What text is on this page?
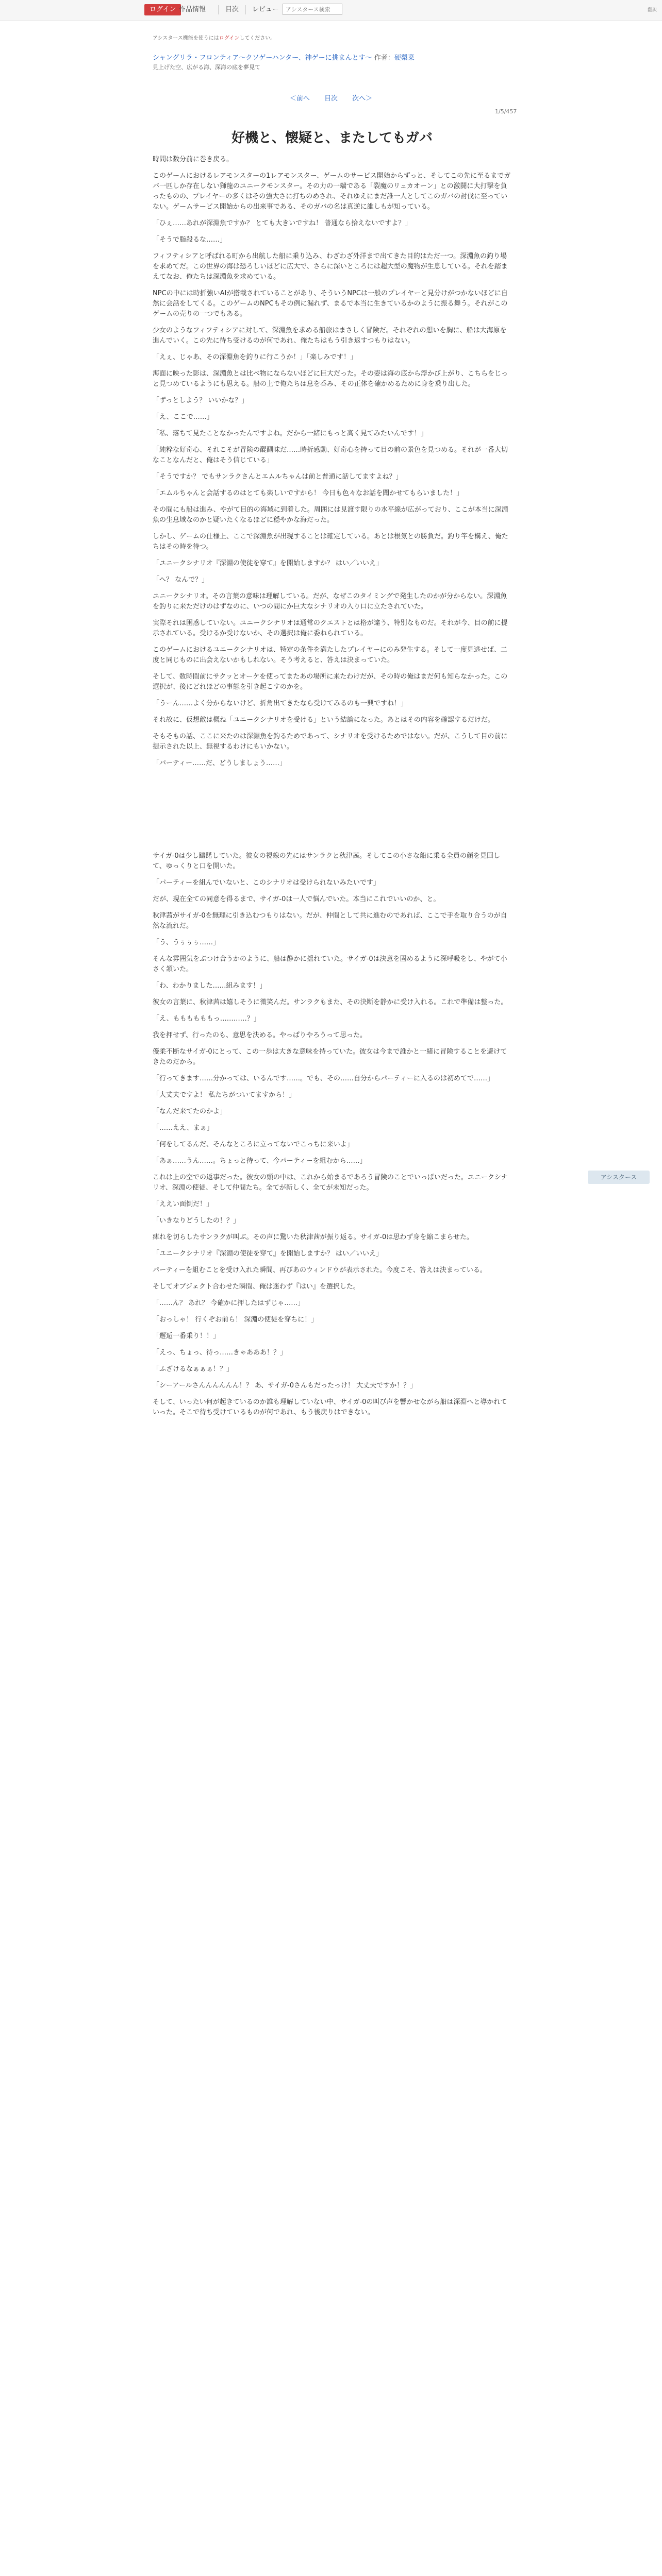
ログイン 作品情報	目次 レビュー
アシスタース検索	翻訳
アシスタース機能を使うにはログインしてください。
シャングリラ・フロンティア〜クソゲーハンター、神ゲーに挑まんとす〜 作者：硬梨菜
見上げた空、広がる海、深海の底を夢見て
＜前へ 目次 次へ＞
1/5/457
好機と、懐疑と、またしてもガバ

時間は数分前に巻き戻る。

このゲームにおけるレアモンスターの1レアモンスター、ゲームのサービス開始からずっと、そしてこの先に至るまでガバ一匹しか存在しない獅龍のユニークモンスター。その力の一端である「裂魔のリュカオーン」との激闘に大打撃を負ったものの、プレイヤーの多くはその強大さに打ちのめされ、それゆえにまだ誰一人としてこのガバの討伐に至っていない。ゲームサービス開始からの出来事である、そのガバの名は真逆に誰しもが知っている。

「ひぇ……あれが深淵魚ですか？ とても大きいですね！ 普通なら拾えないですよ？」

「そうで脂殺るな……」

フィフティシアと呼ばれる町から出航した船に乗り込み、わざわざ外洋まで出てきた目的はただ一つ。深淵魚の釣り場を求めてだ。この世界の海は恐ろしいほどに広大で、さらに深いところには超大型の魔物が生息している。それを踏まえてなお、俺たちは深淵魚を求めている。

NPCの中には時折強いAIが搭載されていることがあり、そういうNPCは一般のプレイヤーと見分けがつかないほどに自然に会話をしてくる。このゲームのNPCもその例に漏れず、まるで本当に生きているかのように振る舞う。それがこのゲームの売りの一つでもある。

少女のようなフィフティシアに対して、深淵魚を求める船旅はまさしく冒険だ。それぞれの想いを胸に、船は大海原を進んでいく。この先に待ち受けるのが何であれ、俺たちはもう引き返すつもりはない。

「えぇ、じゃあ、その深淵魚を釣りに行こうか！」「楽しみです！」

海面に映った影は、深淵魚とは比べ物にならないほどに巨大だった。その姿は海の底から浮かび上がり、こちらをじっと見つめているようにも思える。船の上で俺たちは息を呑み、その正体を確かめるために身を乗り出した。

「ずっとしよう？ いいかな？」

「え、ここで……」

「私、落ちて見たことなかったんですよね。だから一緒にもっと高く見てみたいんです！」

「純粋な好奇心、それこそが冒険の醍醐味だ……時折感動、好奇心を持って目の前の景色を見つめる。それが一番大切なことなんだと、俺はそう信じている」

「そうですか？ でもサンラクさんとエムルちゃんは前と普通に話してますよね？」

「エムルちゃんと会話するのはとても楽しいですから！ 今日も色々なお話を聞かせてもらいました！」

その間にも船は進み、やがて目的の海域に到着した。周囲には見渡す限りの水平線が広がっており、ここが本当に深淵魚の生息域なのかと疑いたくなるほどに穏やかな海だった。

しかし、ゲームの仕様上、ここで深淵魚が出現することは確定している。あとは根気との勝負だ。釣り竿を構え、俺たちはその時を待つ。

「ユニークシナリオ『深淵の使徒を穿て』を開始しますか？ はい／いいえ」

「へ？ なんで？」

ユニークシナリオ。その言葉の意味は理解している。だが、なぜこのタイミングで発生したのかが分からない。深淵魚を釣りに来ただけのはずなのに、いつの間にか巨大なシナリオの入り口に立たされていた。

実際それは困惑していない。ユニークシナリオは通常のクエストとは格が違う、特別なものだ。それが今、目の前に提示されている。受けるか受けないか、その選択は俺に委ねられている。

このゲームにおけるユニークシナリオは、特定の条件を満たしたプレイヤーにのみ発生する。そして一度見逃せば、二度と同じものに出会えないかもしれない。そう考えると、答えは決まっていた。

そして、数時間前にサクッとオーケを使ってまたあの場所に来たわけだが、その時の俺はまだ何も知らなかった。この選択が、後にどれほどの事態を引き起こすのかを。

「うーん……よく分からないけど、折角出てきたなら受けてみるのも一興ですね！」

それ故に、仮想敵は概ね「ユニークシナリオを受ける」という結論になった。あとはその内容を確認するだけだ。

そもそもの話、ここに来たのは深淵魚を釣るためであって、シナリオを受けるためではない。だが、こうして目の前に提示された以上、無視するわけにもいかない。

「パーティー……だ、どうしましょう……」

サイガ-0は少し躊躇していた。彼女の視線の先にはサンラクと秋津茜。そしてこの小さな船に乗る全員の顔を見回して、ゆっくりと口を開いた。

「パーティーを組んでいないと、このシナリオは受けられないみたいです」

だが、現在全ての同意を得るまで、サイガ-0は一人で悩んでいた。本当にこれでいいのか、と。

秋津茜がサイガ-0を無理に引き込むつもりはない。だが、仲間として共に進むのであれば、ここで手を取り合うのが自然な流れだ。

「う、うぅぅぅ……」

そんな雰囲気をぶつけ合うかのように、船は静かに揺れていた。サイガ-0は決意を固めるように深呼吸をし、やがて小さく頷いた。

「わ、わかりました……組みます！」

彼女の言葉に、秋津茜は嬉しそうに微笑んだ。サンラクもまた、その決断を静かに受け入れる。これで準備は整った。

「え、ももももももっ…………？」

我を押せず、行ったのも、意思を決める。やっぱりやろうって思った。

優柔不断なサイガ-0にとって、この一歩は大きな意味を持っていた。彼女は今まで誰かと一緒に冒険することを避けてきたのだから。

「行ってきます……分かっては、いるんです……。でも、その……自分からパーティーに入るのは初めてで……」

「大丈夫ですよ！ 私たちがついてますから！」

「なんだ来てたのかよ」

「……ええ、まぁ」

「何をしてるんだ、そんなところに立ってないでこっちに来いよ」

「あぁ……うん……。ちょっと待って、今パーティーを組むから……」

これは上の空での返事だった。彼女の頭の中は、これから始まるであろう冒険のことでいっぱいだった。ユニークシナリオ、深淵の使徒、そして仲間たち。全てが新しく、全てが未知だった。

「ええい面倒だ！」

「いきなりどうしたの！？」

痺れを切らしたサンラクが叫ぶ。その声に驚いた秋津茜が振り返る。サイガ-0は思わず身を縮こまらせた。

「ユニークシナリオ『深淵の使徒を穿て』を開始しますか？ はい／いいえ」

パーティーを組むことを受け入れた瞬間、再びあのウィンドウが表示された。今度こそ、答えは決まっている。

そしてオブジェクト合わせた瞬間、俺は迷わず『はい』を選択した。

「……ん？ あれ？ 今確かに押したはずじゃ……」

「おっしゃ！ 行くぞお前ら！ 深淵の使徒を穿ちに！」

「邂逅一番乗り！！」

「えっ、ちょっ、待っ……きゃあああ！？」

「ふざけるなぁぁぁ！？」

「シーアールさんんんんんん！？ あ、サイガ-0さんもだったっけ！ 大丈夫ですか！？」

そして、いったい何が起きているのか誰も理解していない中、サイガ-0の叫び声を響かせながら船は深淵へと導かれていった。そこで待ち受けているものが何であれ、もう後戻りはできない。

アシスタース
